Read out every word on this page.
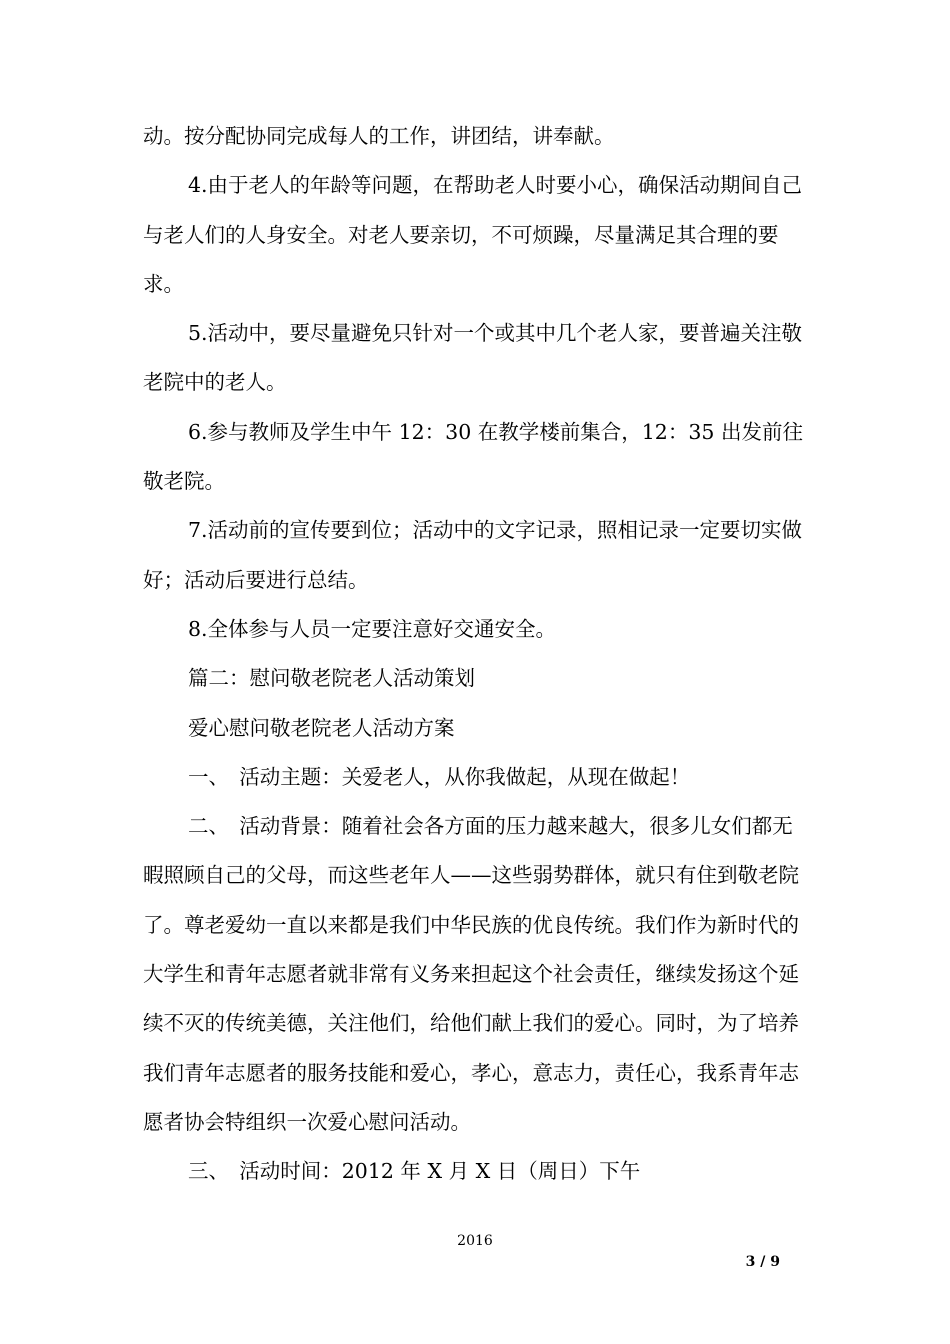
动。按分配协同完成每人的工作，讲团结，讲奉献。

4.由于老人的年龄等问题，在帮助老人时要小心，确保活动期间自己与老人们的人身安全。对老人要亲切，不可烦躁，尽量满足其合理的要求。

5.活动中，要尽量避免只针对一个或其中几个老人家，要普遍关注敬老院中的老人。

6.参与教师及学生中午 12：30 在教学楼前集合，12：35 出发前往敬老院。

7.活动前的宣传要到位；活动中的文字记录，照相记录一定要切实做好；活动后要进行总结。

8.全体参与人员一定要注意好交通安全。

篇二：慰问敬老院老人活动策划

爱心慰问敬老院老人活动方案

一、　活动主题：关爱老人，从你我做起，从现在做起！

二、　活动背景：随着社会各方面的压力越来越大，很多儿女们都无暇照顾自己的父母，而这些老年人——这些弱势群体，就只有住到敬老院了。尊老爱幼一直以来都是我们中华民族的优良传统。我们作为新时代的大学生和青年志愿者就非常有义务来担起这个社会责任，继续发扬这个延续不灭的传统美德，关注他们，给他们献上我们的爱心。同时，为了培养我们青年志愿者的服务技能和爱心，孝心，意志力，责任心，我系青年志愿者协会特组织一次爱心慰问活动。

三、　活动时间：2012 年 X 月 X 日（周日）下午

2016
3 / 9
